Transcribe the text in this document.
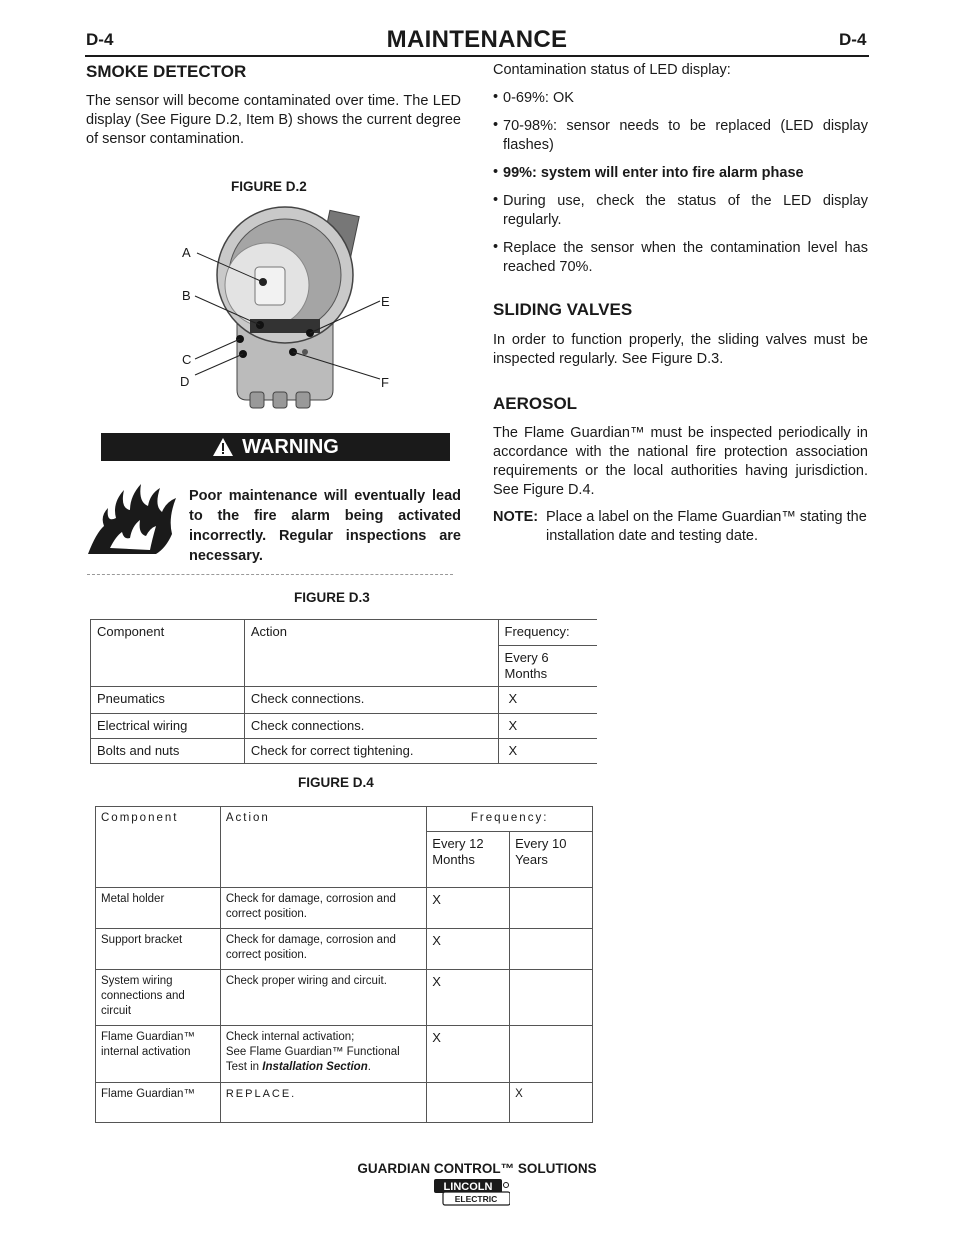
D-4	MAINTENANCE	D-4
SMOKE DETECTOR

The sensor will become contaminated over time. The LED display (See Figure D.2, Item B) shows the current degree of sensor contamination.

FIGURE D.2
A
B
C
D
E
F
WARNING

Poor maintenance will eventually lead to the fire alarm being activated incorrectly. Regular inspections are necessary.

Contamination status of LED display:

• 0-69%: OK

• 70-98%: sensor needs to be replaced (LED display flashes)

• 99%: system will enter into fire alarm phase

• During use, check the status of the LED display regularly.

• Replace the sensor when the contamination level has reached 70%.

SLIDING VALVES

In order to function properly, the sliding valves must be inspected regularly. See Figure D.3.

AEROSOL

The Flame Guardian™ must be inspected periodically in accordance with the national fire protection association requirements or the local authorities having jurisdiction. See Figure D.4.

NOTE: Place a label on the Flame Guardian™ stating the installation date and testing date.

FIGURE D.3
Component	Action	Frequency:
		Every 6 Months
Pneumatics	Check connections.	X
Electrical wiring	Check connections.	X
Bolts and nuts	Check for correct tightening.	X
FIGURE D.4
Component	Action	Frequency:	
		Every 12 Months	Every 10 Years
Metal holder	Check for damage, corrosion and correct position.	X	
Support bracket	Check for damage, corrosion and correct position.	X	
System wiring connections and circuit	Check proper wiring and circuit.	X	
Flame Guardian™ internal activation	Check internal activation;
See Flame Guardian™ Functional Test in Installation Section.	X	
Flame Guardian™	REPLACE.		X
GUARDIAN CONTROL™ SOLUTIONS
LINCOLN
ELECTRIC
